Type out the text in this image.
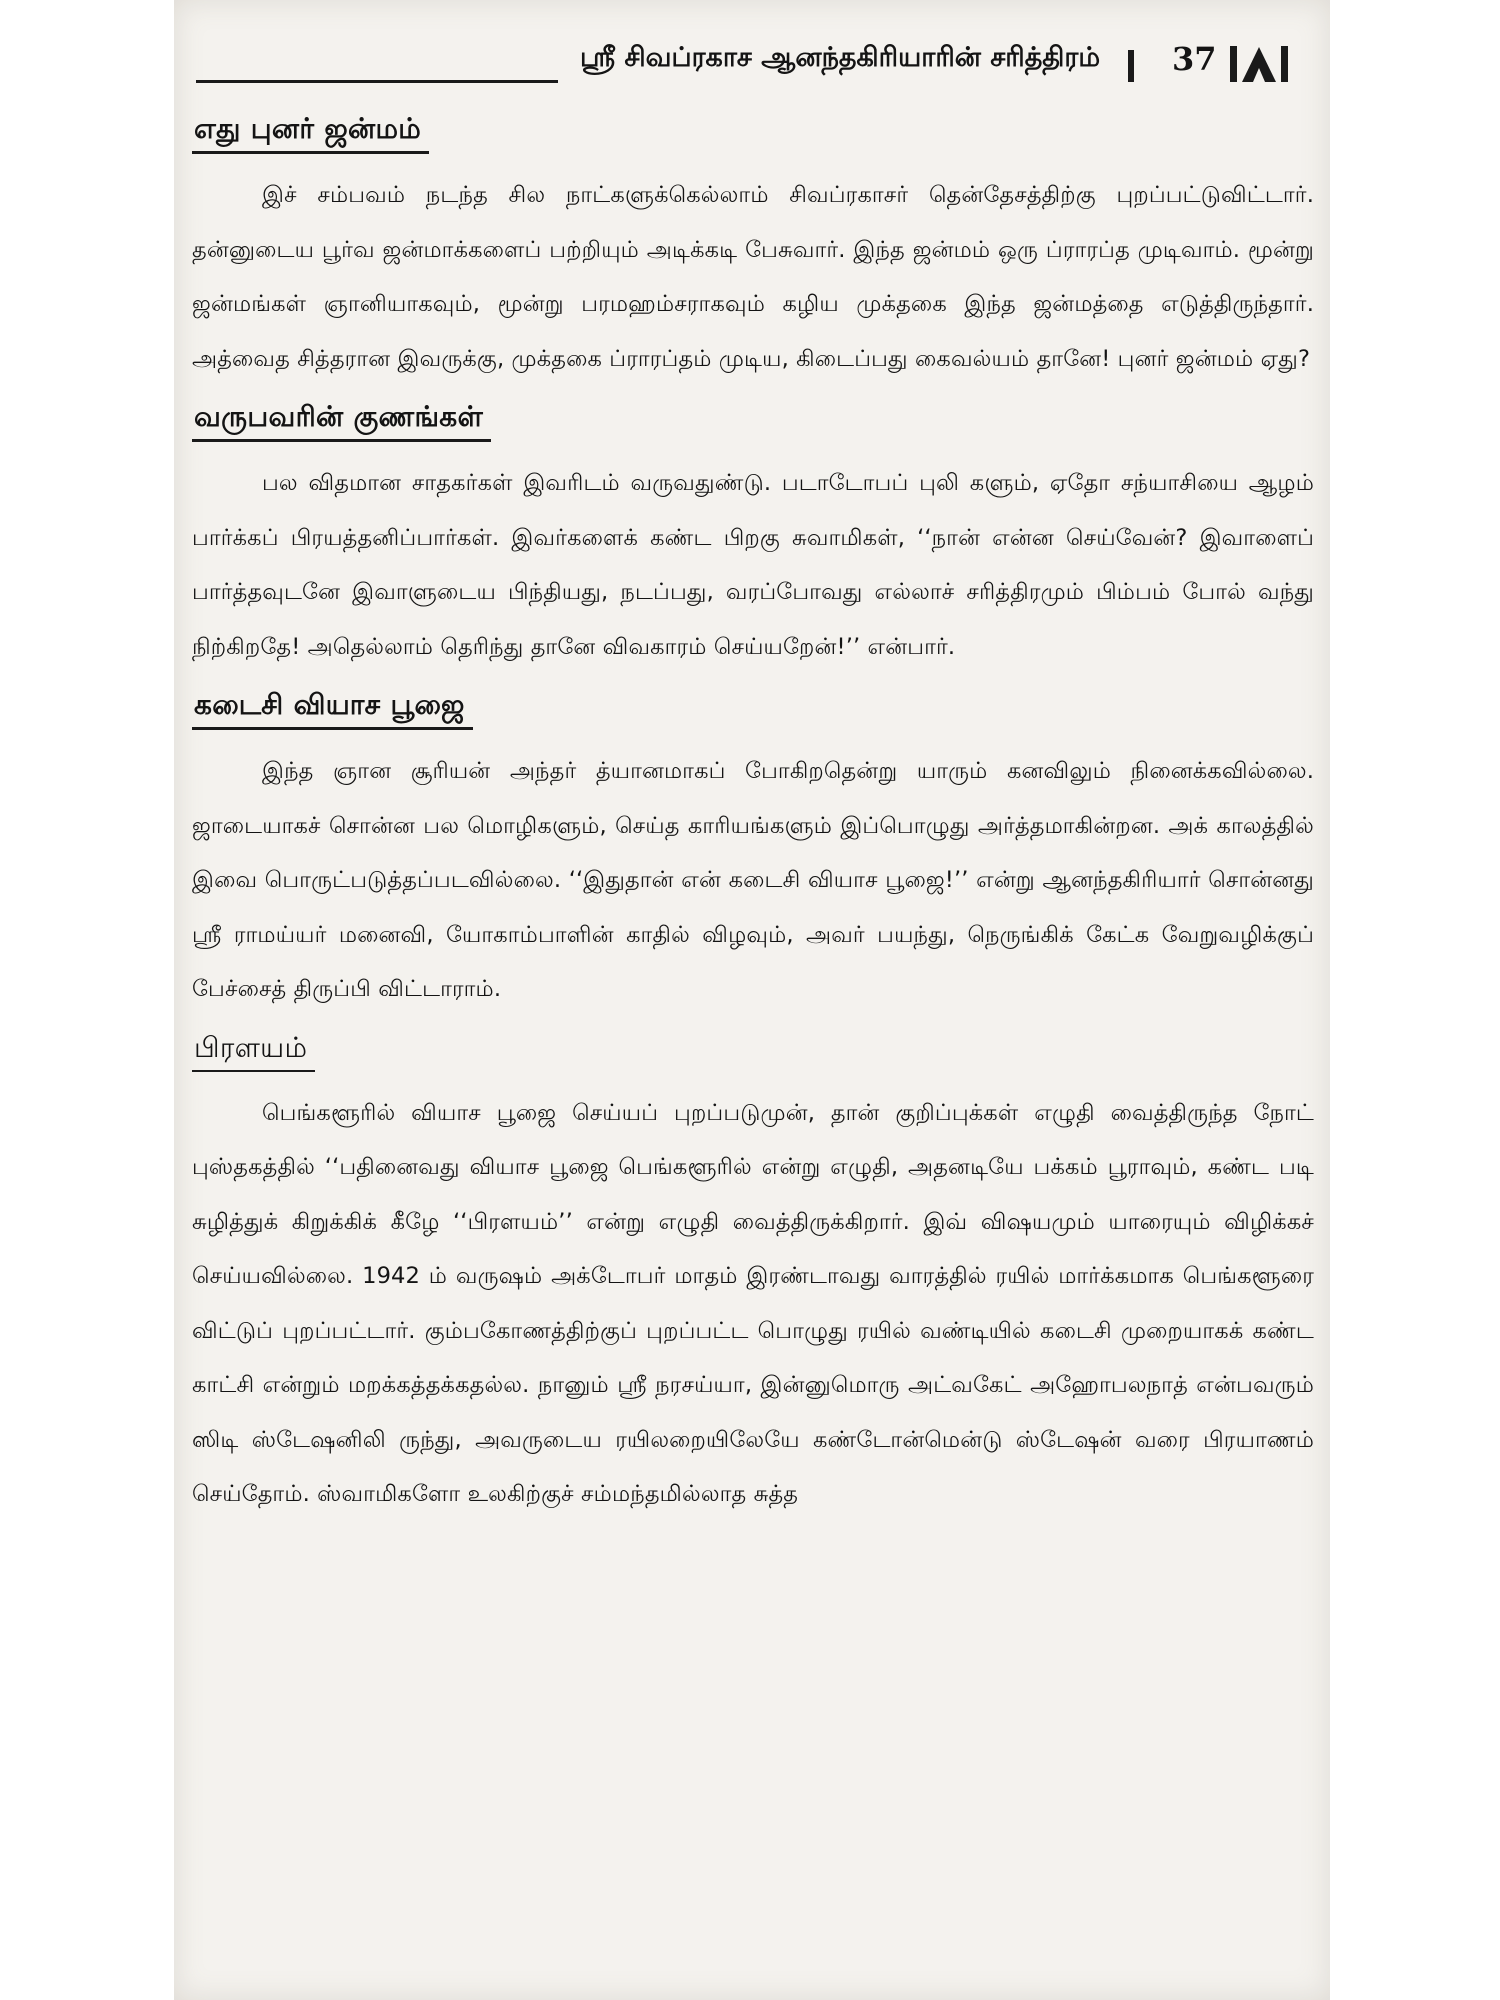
ஸ்ரீ சிவப்ரகாச ஆனந்தகிரியாரின் சரித்திரம் 37
எது புனர் ஜன்மம்

இச் சம்பவம் நடந்த சில நாட்களுக்கெல்லாம் சிவப்ரகாசர் தென்தேசத்திற்கு புறப்பட்டுவிட்டார். தன்னுடைய பூர்வ ஜன்மாக்களைப் பற்றியும் அடிக்கடி பேசுவார். இந்த ஜன்மம் ஒரு ப்ராரப்த முடிவாம். மூன்று ஜன்மங்கள் ஞானியாகவும், மூன்று பரமஹம்சராகவும் கழிய முக்தகை இந்த ஜன்மத்தை எடுத்திருந்தார். அத்வைத சித்தரான இவருக்கு, முக்தகை ப்ராரப்தம் முடிய, கிடைப்பது கைவல்யம் தானே! புனர் ஜன்மம் ஏது?

வருபவரின் குணங்கள்

பல விதமான சாதகர்கள் இவரிடம் வருவதுண்டு. படாடோபப் புலி களும், ஏதோ சந்யாசியை ஆழம் பார்க்கப் பிரயத்தனிப்பார்கள். இவர்களைக் கண்ட பிறகு சுவாமிகள், ‘‘நான் என்ன செய்வேன்? இவாளைப் பார்த்தவுடனே இவாளுடைய பிந்தியது, நடப்பது, வரப்போவது எல்லாச் சரித்திரமும் பிம்பம் போல் வந்து நிற்கிறதே! அதெல்லாம் தெரிந்து தானே விவகாரம் செய்யறேன்!’’ என்பார்.

கடைசி வியாச பூஜை

இந்த ஞான சூரியன் அந்தர் த்யானமாகப் போகிறதென்று யாரும் கனவிலும் நினைக்கவில்லை. ஜாடையாகச் சொன்ன பல மொழிகளும், செய்த காரியங்களும் இப்பொழுது அர்த்தமாகின்றன. அக் காலத்தில் இவை பொருட்படுத்தப்படவில்லை. ‘‘இதுதான் என் கடைசி வியாச பூஜை!’’ என்று ஆனந்தகிரியார் சொன்னது ஸ்ரீ ராமய்யர் மனைவி, யோகாம்பாளின் காதில் விழவும், அவர் பயந்து, நெருங்கிக் கேட்க வேறுவழிக்குப் பேச்சைத் திருப்பி விட்டாராம்.

பிரளயம்

பெங்களூரில் வியாச பூஜை செய்யப் புறப்படுமுன், தான் குறிப்புக்கள் எழுதி வைத்திருந்த நோட் புஸ்தகத்தில் ‘‘பதினைவது வியாச பூஜை பெங்களூரில் என்று எழுதி, அதனடியே பக்கம் பூராவும், கண்ட படி சுழித்துக் கிறுக்கிக் கீழே ‘‘பிரளயம்’’ என்று எழுதி வைத்திருக்கிறார். இவ் விஷயமும் யாரையும் விழிக்கச் செய்யவில்லை. 1942 ம் வருஷம் அக்டோபர் மாதம் இரண்டாவது வாரத்தில் ரயில் மார்க்கமாக பெங்களூரை விட்டுப் புறப்பட்டார். கும்பகோணத்திற்குப் புறப்பட்ட பொழுது ரயில் வண்டியில் கடைசி முறையாகக் கண்ட காட்சி என்றும் மறக்கத்தக்கதல்ல. நானும் ஸ்ரீ நரசய்யா, இன்னுமொரு அட்வகேட் அஹோபலநாத் என்பவரும் ஸிடி ஸ்டேஷனிலி ருந்து, அவருடைய ரயிலறையிலேயே கண்டோன்மென்டு ஸ்டேஷன் வரை பிரயாணம் செய்தோம். ஸ்வாமிகளோ உலகிற்குச் சம்மந்தமில்லாத சுத்த
